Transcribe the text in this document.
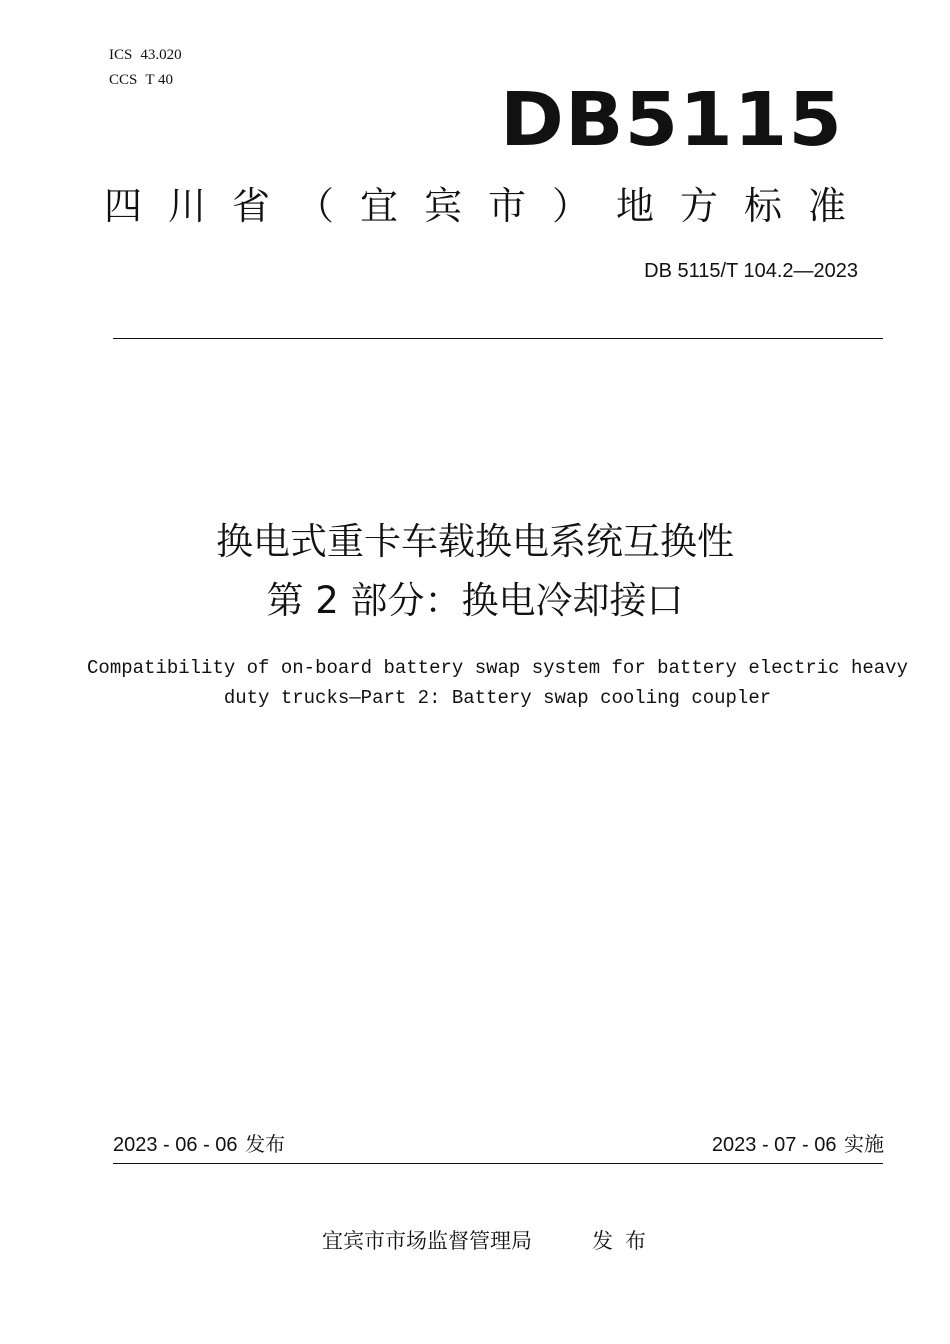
ICS 43.020
CCS T 40	DB5115
四川省（宜宾市）地方标准
DB 5115/T 104.2—2023
换电式重卡车载换电系统互换性
第 2 部分：换电冷却接口
Compatibility of on-board battery swap system for battery electric heavy
duty trucks—Part 2: Battery swap cooling coupler
2023 - 06 - 06 发布	2023 - 07 - 06 实施
宜宾市市场监督管理局	发布
